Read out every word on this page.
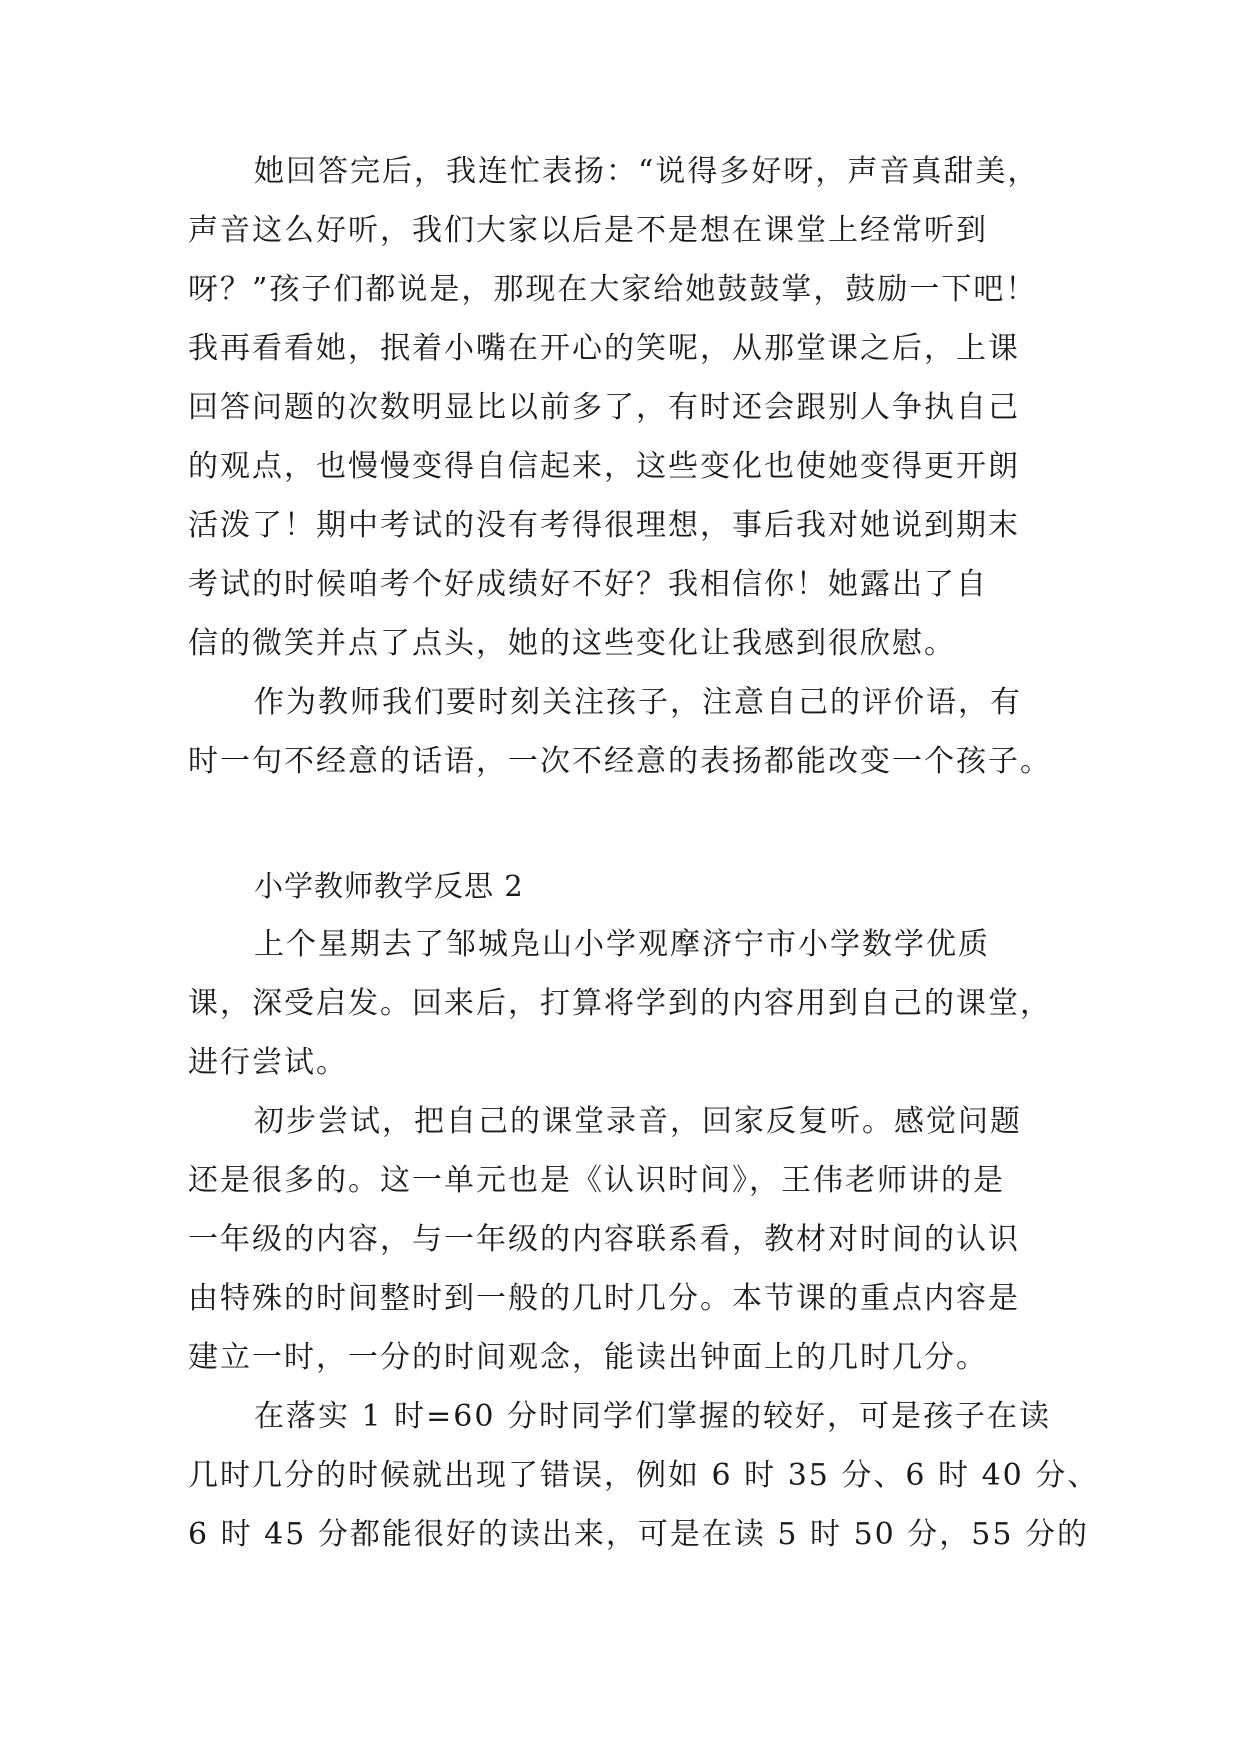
她回答完后，我连忙表扬：“说得多好呀，声音真甜美，
声音这么好听，我们大家以后是不是想在课堂上经常听到
呀？”孩子们都说是，那现在大家给她鼓鼓掌，鼓励一下吧！
我再看看她，抿着小嘴在开心的笑呢，从那堂课之后，上课
回答问题的次数明显比以前多了，有时还会跟别人争执自己
的观点，也慢慢变得自信起来，这些变化也使她变得更开朗
活泼了！期中考试的没有考得很理想，事后我对她说到期末
考试的时候咱考个好成绩好不好？我相信你！她露出了自
信的微笑并点了点头，她的这些变化让我感到很欣慰。
作为教师我们要时刻关注孩子，注意自己的评价语，有
时一句不经意的话语，一次不经意的表扬都能改变一个孩子。
小学教师教学反思 2
上个星期去了邹城凫山小学观摩济宁市小学数学优质
课，深受启发。回来后，打算将学到的内容用到自己的课堂，
进行尝试。
初步尝试，把自己的课堂录音，回家反复听。感觉问题
还是很多的。这一单元也是《认识时间》，王伟老师讲的是
一年级的内容，与一年级的内容联系看，教材对时间的认识
由特殊的时间整时到一般的几时几分。本节课的重点内容是
建立一时，一分的时间观念，能读出钟面上的几时几分。
在落实 1 时=60 分时同学们掌握的较好，可是孩子在读
几时几分的时候就出现了错误，例如 6 时 35 分、6 时 40 分、
6 时 45 分都能很好的读出来，可是在读 5 时 50 分，55 分的
